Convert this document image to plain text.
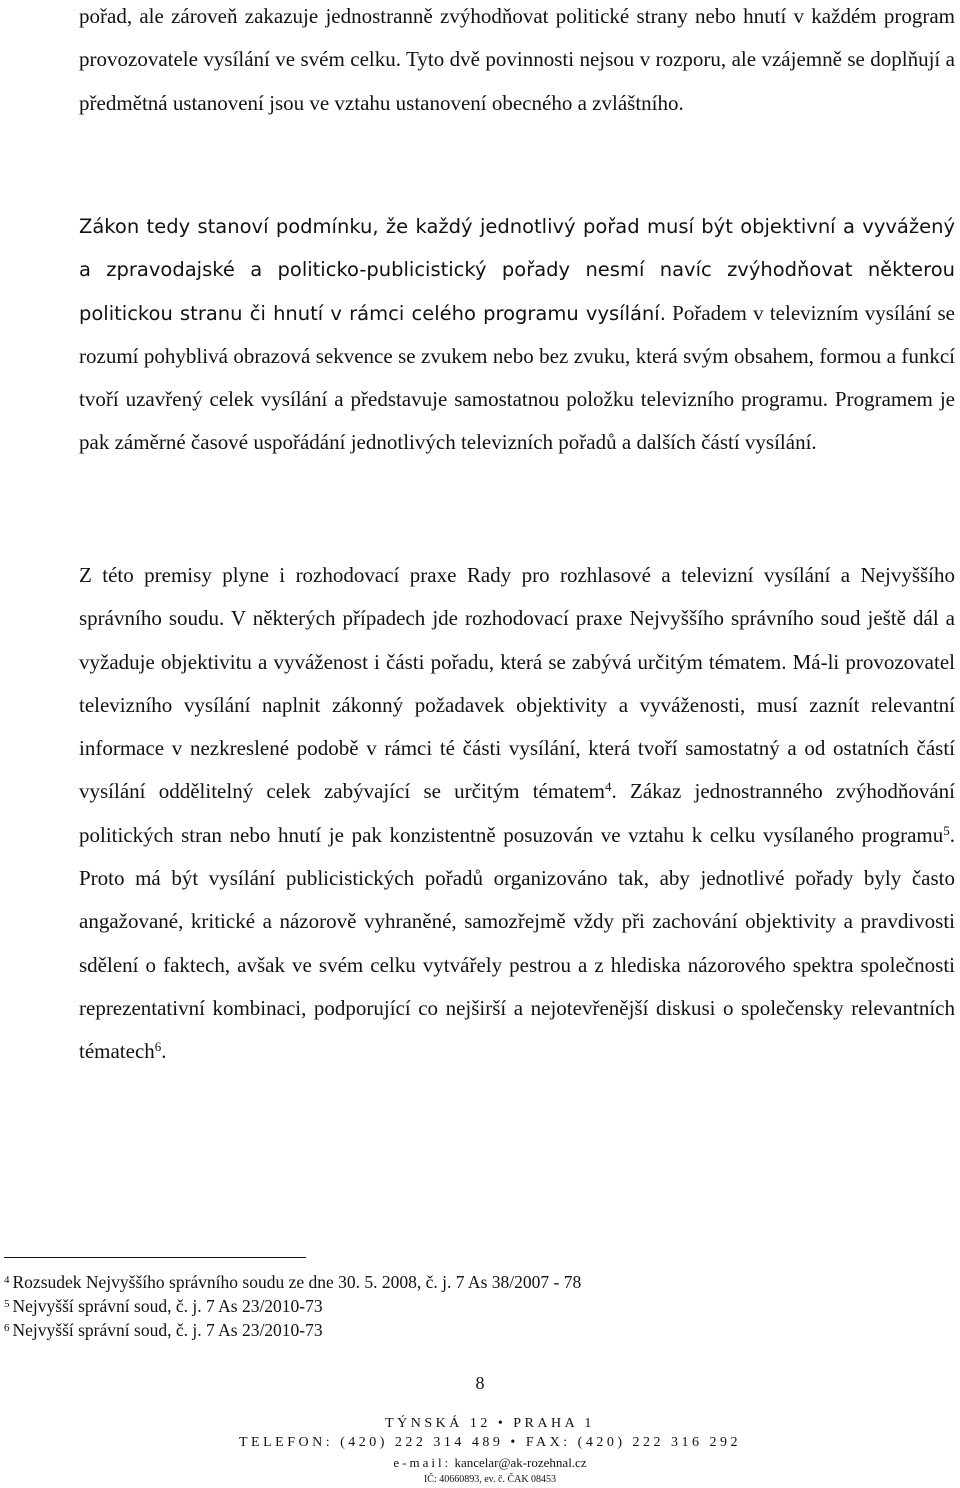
pořad, ale zároveň zakazuje jednostranně zvýhodňovat politické strany nebo hnutí v každém program provozovatele vysílání ve svém celku. Tyto dvě povinnosti nejsou v rozporu, ale vzájemně se doplňují a předmětná ustanovení jsou ve vztahu ustanovení obecného a zvláštního.

Zákon tedy stanoví podmínku, že každý jednotlivý pořad musí být objektivní a vyvážený a zpravodajské a politicko-publicistický pořady nesmí navíc zvýhodňovat některou politickou stranu či hnutí v rámci celého programu vysílání. Pořadem v televizním vysílání se rozumí pohyblivá obrazová sekvence se zvukem nebo bez zvuku, která svým obsahem, formou a funkcí tvoří uzavřený celek vysílání a představuje samostatnou položku televizního programu. Programem je pak záměrné časové uspořádání jednotlivých televizních pořadů a dalších částí vysílání.

Z této premisy plyne i rozhodovací praxe Rady pro rozhlasové a televizní vysílání a Nejvyššího správního soudu. V některých případech jde rozhodovací praxe Nejvyššího správního soud ještě dál a vyžaduje objektivitu a vyváženost i části pořadu, která se zabývá určitým tématem. Má-li provozovatel televizního vysílání naplnit zákonný požadavek objektivity a vyváženosti, musí zaznít relevantní informace v nezkreslené podobě v rámci té části vysílání, která tvoří samostatný a od ostatních částí vysílání oddělitelný celek zabývající se určitým tématem$^4$. Zákaz jednostranného zvýhodňování politických stran nebo hnutí je pak konzistentně posuzován ve vztahu k celku vysílaného programu$^5$. Proto má být vysílání publicistických pořadů organizováno tak, aby jednotlivé pořady byly často angažované, kritické a názorově vyhraněné, samozřejmě vždy při zachování objektivity a pravdivosti sdělení o faktech, avšak ve svém celku vytvářely pestrou a z hlediska názorového spektra společnosti reprezentativní kombinaci, podporující co nejširší a nejotevřenější diskusi o společensky relevantních tématech$^6$.

$^4$ Rozsudek Nejvyššího správního soudu ze dne 30. 5. 2008, č. j. 7 As 38/2007 - 78

$^5$ Nejvyšší správní soud, č. j. 7 As 23/2010-73

$^6$ Nejvyšší správní soud, č. j. 7 As 23/2010-73

8
TÝNSKÁ 12 • PRAHA 1
TELEFON: (420) 222 314 489 • FAX: (420) 222 316 292
e-mail: kancelar@ak-rozehnal.cz
IČ: 40660893, ev. č. ČAK 08453
